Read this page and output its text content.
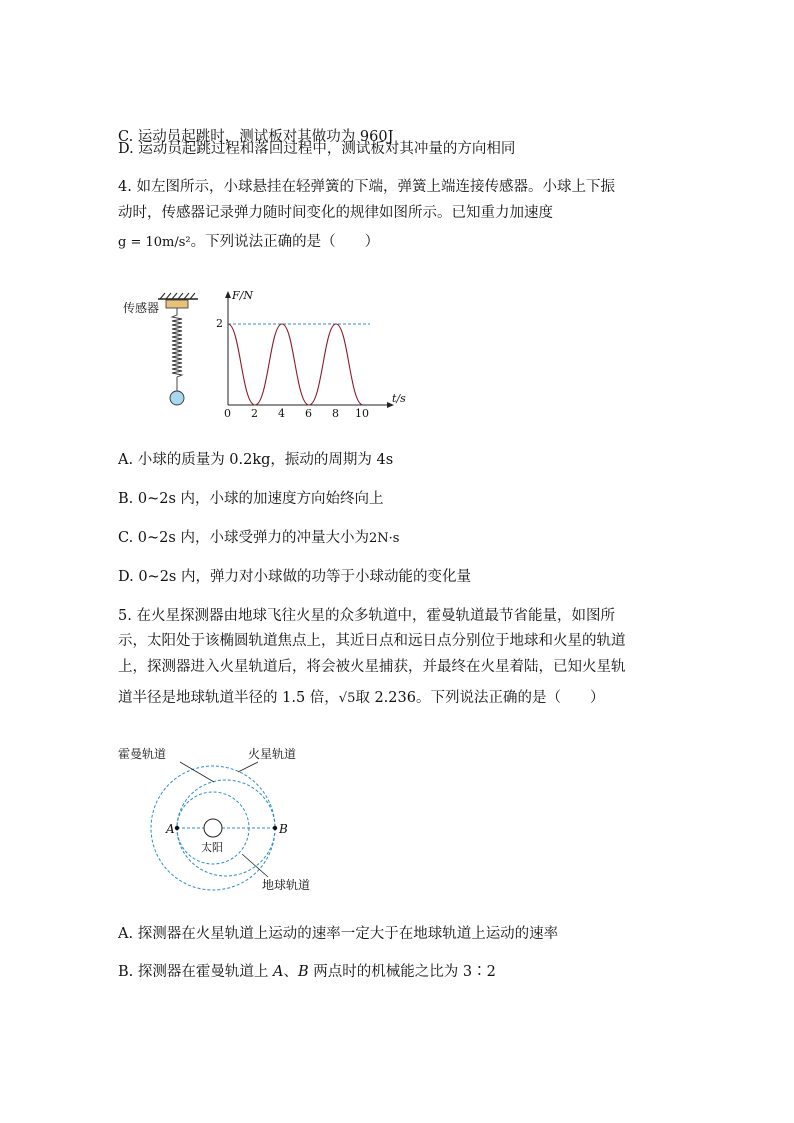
C. 运动员起跳时，测试板对其做功为 960J
D. 运动员起跳过程和落回过程中，测试板对其冲量的方向相同
4. 如左图所示，小球悬挂在轻弹簧的下端，弹簧上端连接传感器。小球上下振
动时，传感器记录弹力随时间变化的规律如图所示。已知重力加速度
g = 10m/s²。下列说法正确的是（　　）
传感器
F/N
t/s
2
0 2 4 6 8 10
A. 小球的质量为 0.2kg，振动的周期为 4s
B. 0~2s 内，小球的加速度方向始终向上
C. 0~2s 内，小球受弹力的冲量大小为2N·s
D. 0~2s 内，弹力对小球做的功等于小球动能的变化量
5. 在火星探测器由地球飞往火星的众多轨道中，霍曼轨道最节省能量，如图所
示，太阳处于该椭圆轨道焦点上，其近日点和远日点分别位于地球和火星的轨道
上，探测器进入火星轨道后，将会被火星捕获，并最终在火星着陆，已知火星轨
道半径是地球轨道半径的 1.5 倍，√5取 2.236。下列说法正确的是（　　）
太阳
A	B
霍曼轨道	火星轨道
地球轨道
A. 探测器在火星轨道上运动的速率一定大于在地球轨道上运动的速率
B. 探测器在霍曼轨道上 A、B 两点时的机械能之比为 3∶2
